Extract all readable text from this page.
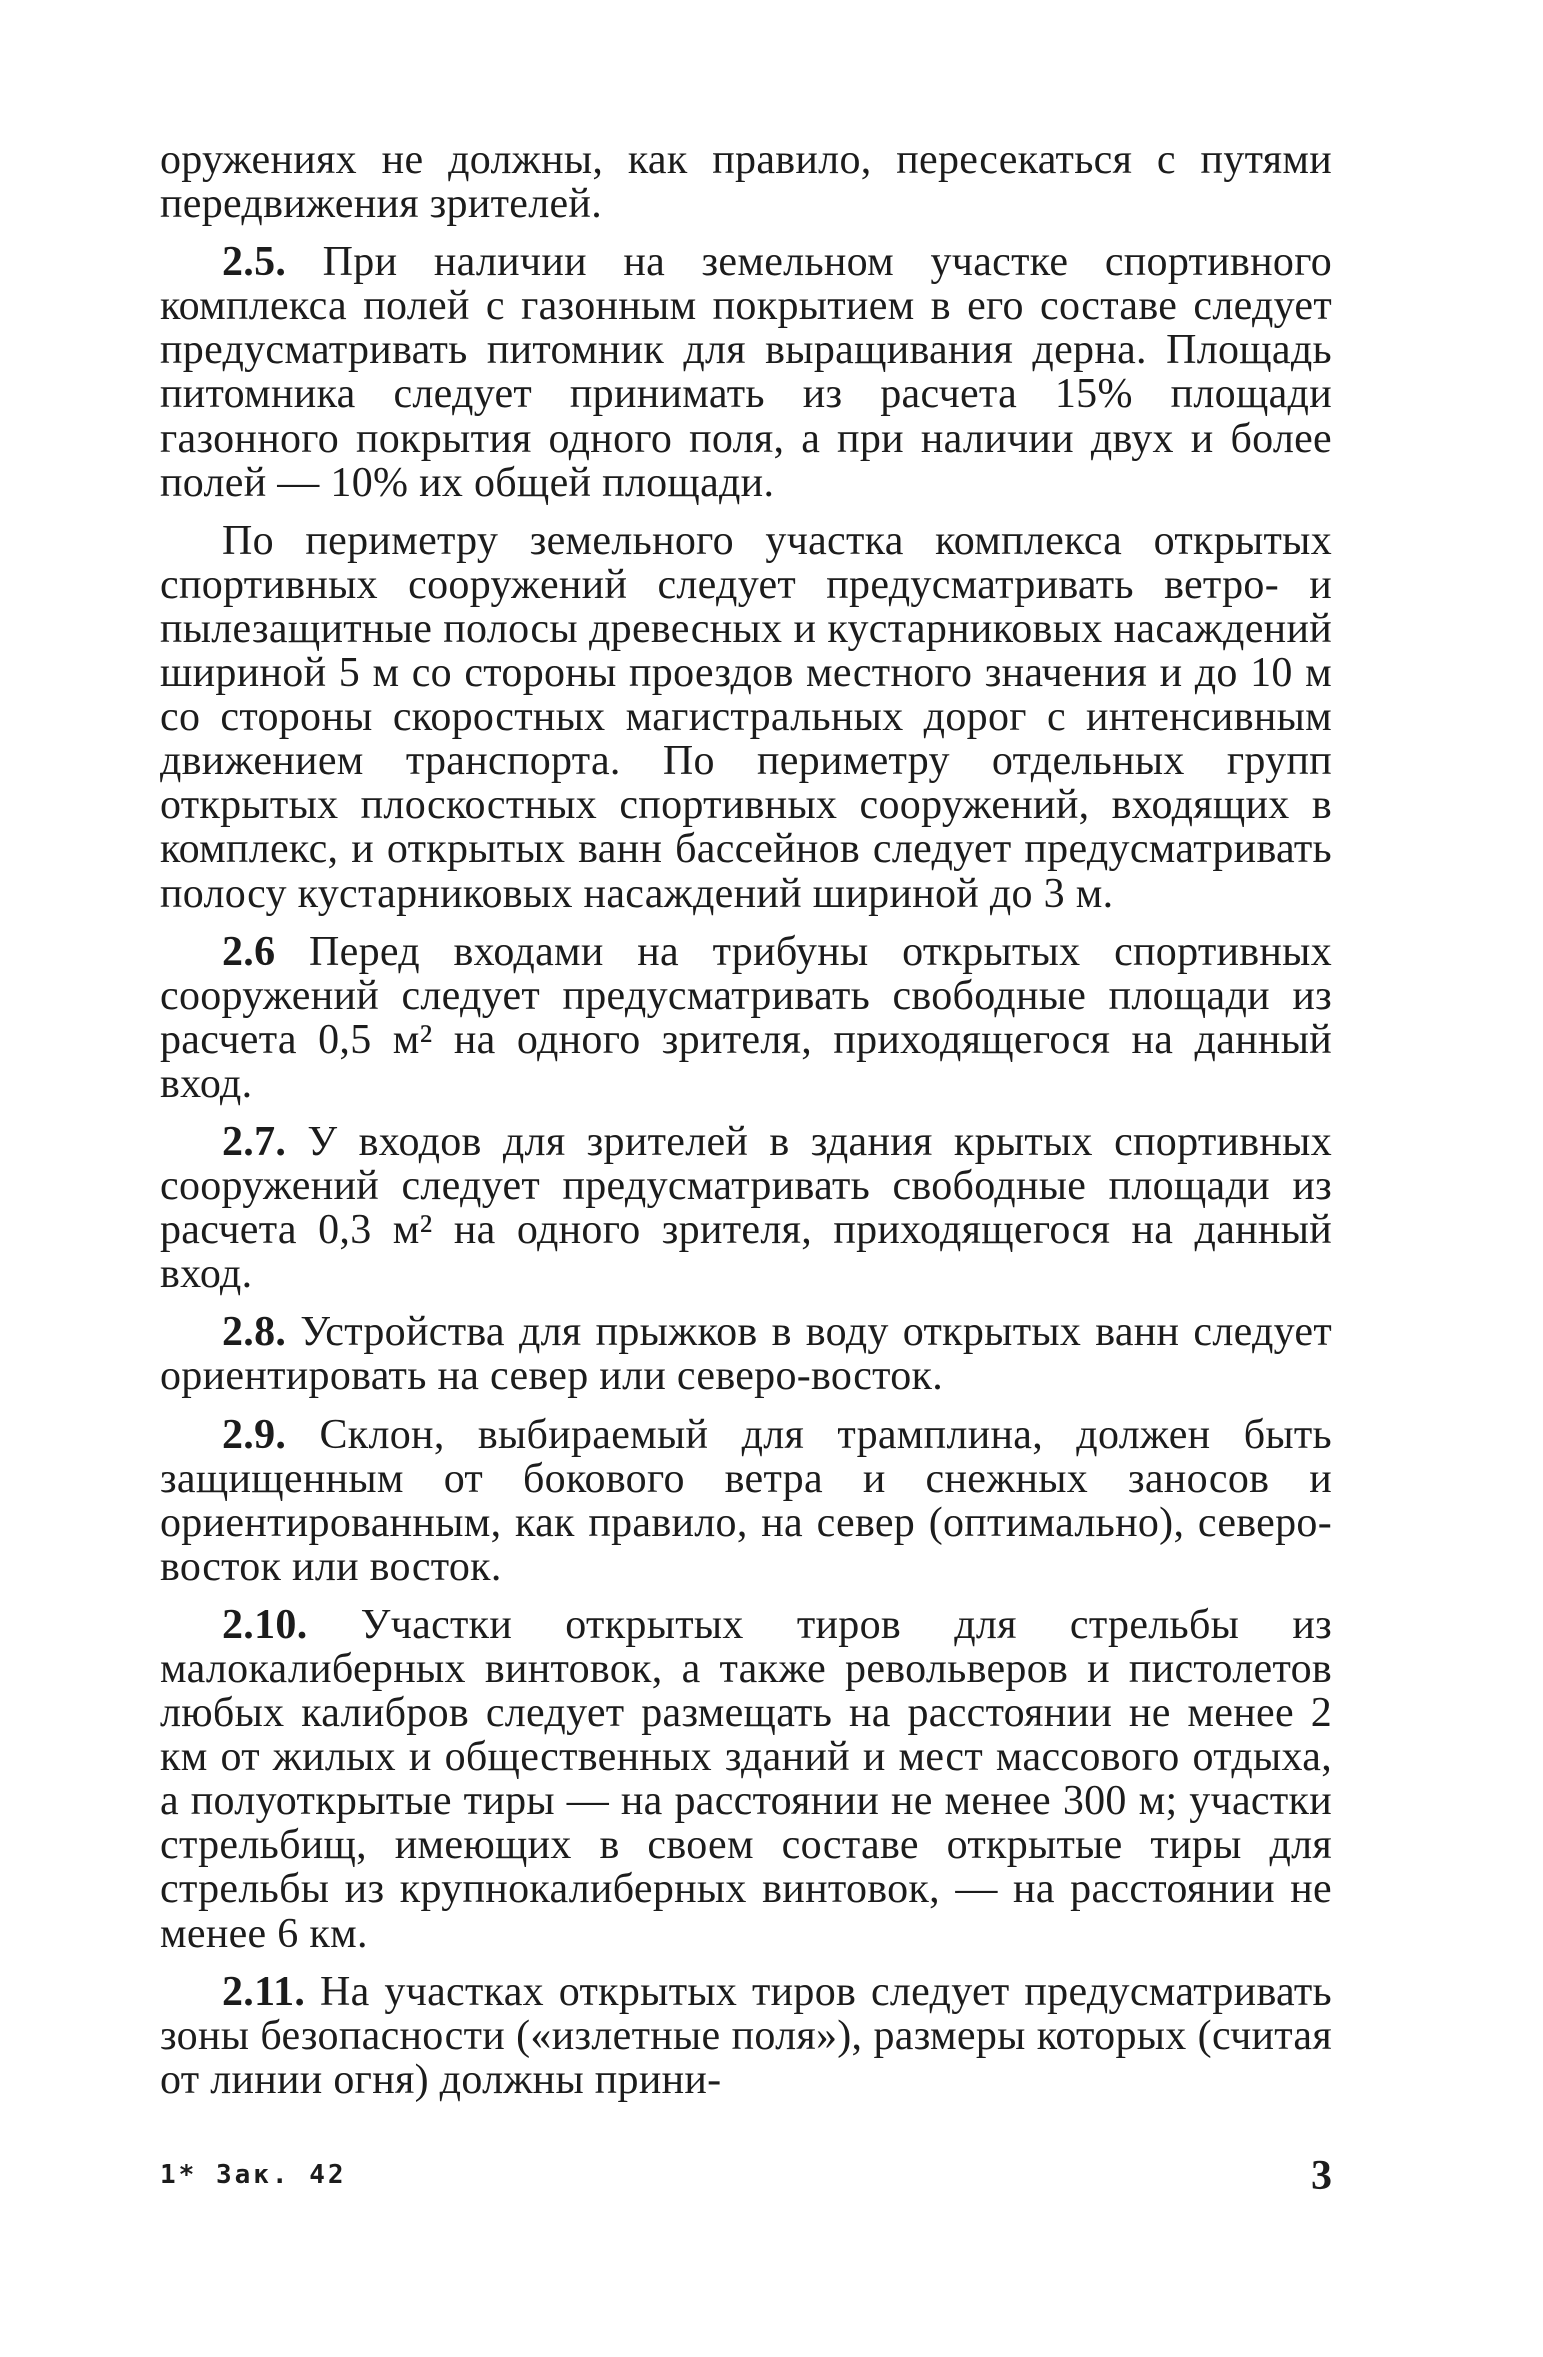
оружениях не должны, как правило, пересекаться с путями передвижения зрителей.

2.5. При наличии на земельном участке спортивного комплекса полей с газонным покрытием в его составе следует предусматривать питомник для выращивания дерна. Площадь питомника следует принимать из расчета 15% площади газонного покрытия одного поля, а при наличии двух и более полей — 10% их общей площади.

По периметру земельного участка комплекса открытых спортивных сооружений следует предусматривать ветро- и пылезащитные полосы древесных и кустарниковых насаждений шириной 5 м со стороны проездов местного значения и до 10 м со стороны скоростных магистральных дорог с интенсивным движением транспорта. По периметру отдельных групп открытых плоскостных спортивных сооружений, входящих в комплекс, и открытых ванн бассейнов следует предусматривать полосу кустарниковых насаждений шириной до 3 м.

2.6 Перед входами на трибуны открытых спортивных сооружений следует предусматривать свободные площади из расчета 0,5 м² на одного зрителя, приходящегося на данный вход.

2.7. У входов для зрителей в здания крытых спортивных сооружений следует предусматривать свободные площади из расчета 0,3 м² на одного зрителя, приходящегося на данный вход.

2.8. Устройства для прыжков в воду открытых ванн следует ориентировать на север или северо-восток.

2.9. Склон, выбираемый для трамплина, должен быть защищенным от бокового ветра и снежных заносов и ориентированным, как правило, на север (оптимально), северо-восток или восток.

2.10. Участки открытых тиров для стрельбы из малокалиберных винтовок, а также револьверов и пистолетов любых калибров следует размещать на расстоянии не менее 2 км от жилых и общественных зданий и мест массового отдыха, а полуоткрытые тиры — на расстоянии не менее 300 м; участки стрельбищ, имеющих в своем составе открытые тиры для стрельбы из крупнокалиберных винтовок, — на расстоянии не менее 6 км.

2.11. На участках открытых тиров следует предусматривать зоны безопасности («излетные поля»), размеры которых (считая от линии огня) должны прини-

1* Зак. 42	3
